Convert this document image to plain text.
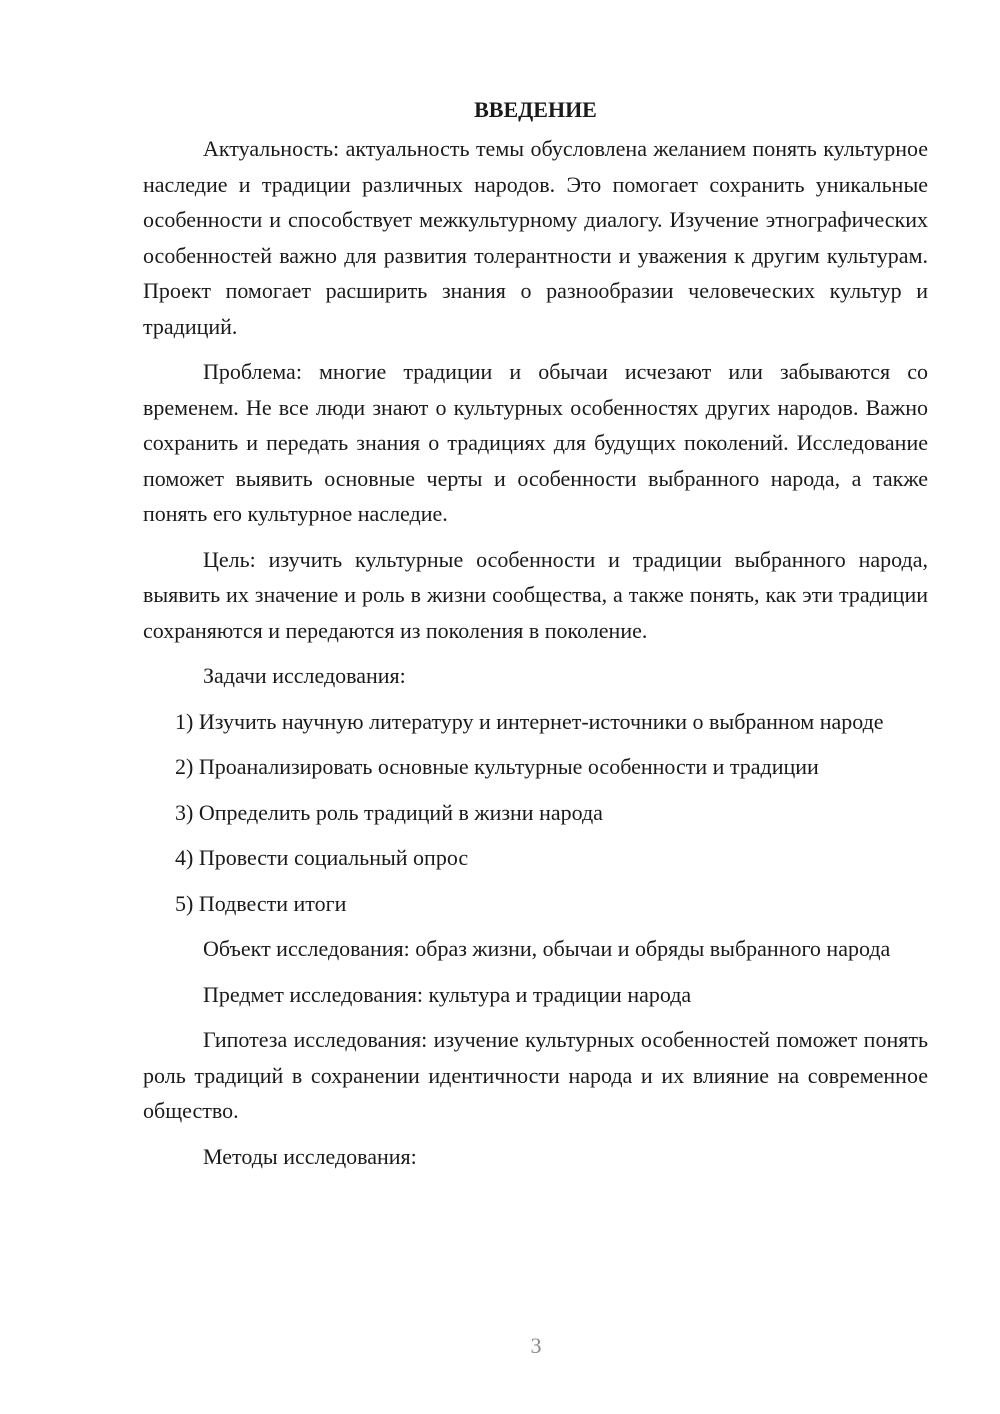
ВВЕДЕНИЕ

Актуальность: актуальность темы обусловлена желанием понять культурное наследие и традиции различных народов. Это помогает сохранить уникальные особенности и способствует межкультурному диалогу. Изучение этнографических особенностей важно для развития толерантности и уважения к другим культурам. Проект помогает расширить знания о разнообразии человеческих культур и традиций.

Проблема: многие традиции и обычаи исчезают или забываются со временем. Не все люди знают о культурных особенностях других народов. Важно сохранить и передать знания о традициях для будущих поколений. Исследование поможет выявить основные черты и особенности выбранного народа, а также понять его культурное наследие.

Цель: изучить культурные особенности и традиции выбранного народа, выявить их значение и роль в жизни сообщества, а также понять, как эти традиции сохраняются и передаются из поколения в поколение.

Задачи исследования:

1) Изучить научную литературу и интернет-источники о выбранном народе

2) Проанализировать основные культурные особенности и традиции

3) Определить роль традиций в жизни народа

4) Провести социальный опрос

5) Подвести итоги

Объект исследования: образ жизни, обычаи и обряды выбранного народа

Предмет исследования: культура и традиции народа

Гипотеза исследования: изучение культурных особенностей поможет понять роль традиций в сохранении идентичности народа и их влияние на современное общество.

Методы исследования:

3
